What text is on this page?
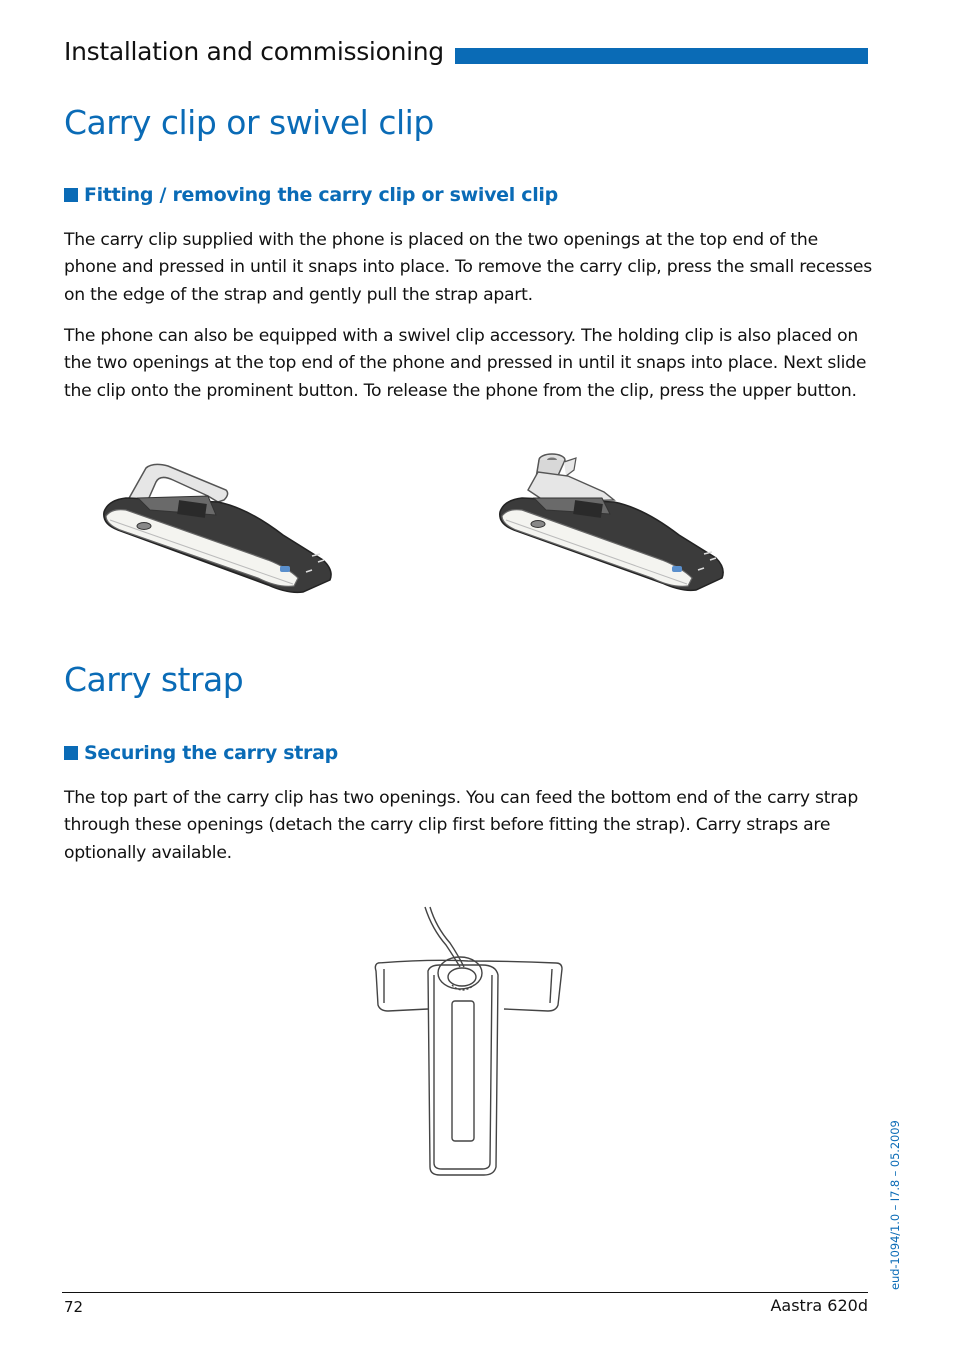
Installation and commissioning
Carry clip or swivel clip
Fitting / removing the carry clip or swivel clip
The carry clip supplied with the phone is placed on the two openings at the top end of the phone and pressed in until it snaps into place. To remove the carry clip, press the small recesses on the edge of the strap and gently pull the strap apart.
The phone can also be equipped with a swivel clip accessory. The holding clip is also placed on the two openings at the top end of the phone and pressed in until it snaps into place. Next slide the clip onto the prominent button. To release the phone from the clip, press the upper button.
Carry strap
Securing the carry strap
The top part of the carry clip has two openings. You can feed the bottom end of the carry strap through these openings (detach the carry clip first before fitting the strap). Carry straps are optionally available.
eud-1094/1.0 – I7.8 – 05.2009
72	Aastra 620d
